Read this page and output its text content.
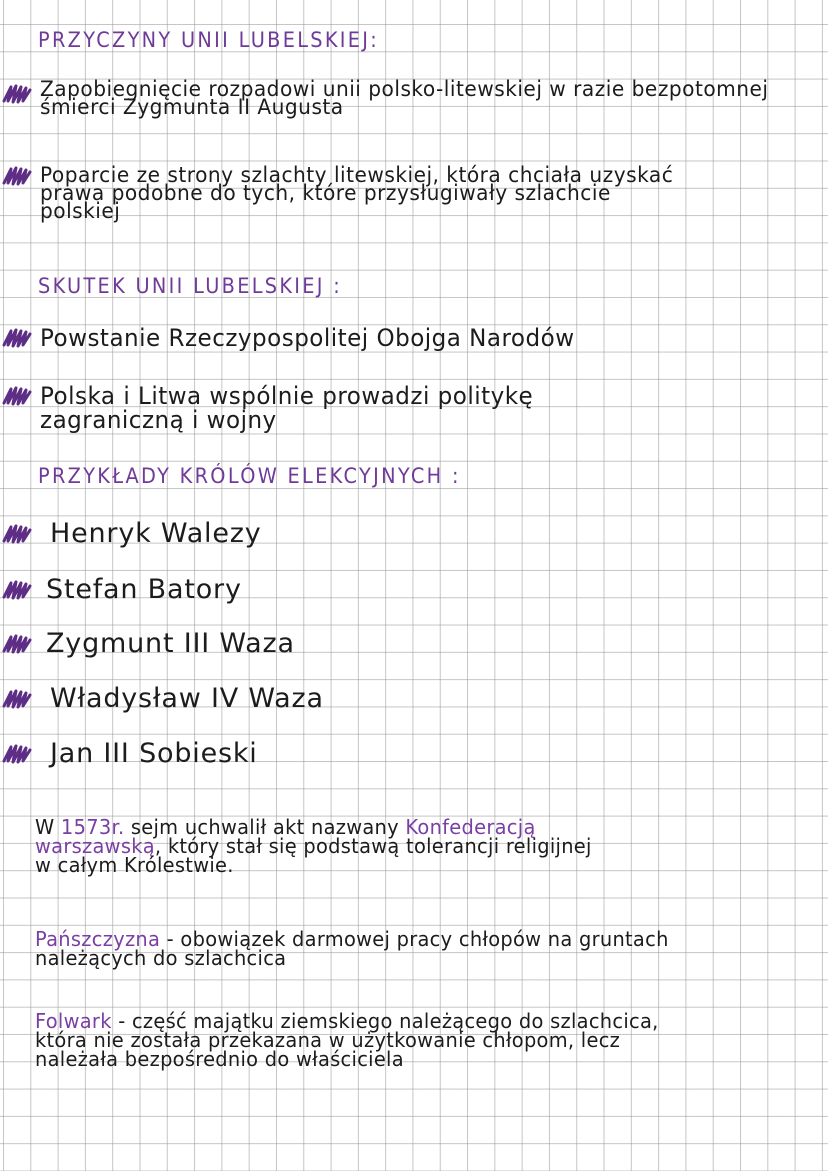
PRZYCZYNY UNII LUBELSKIEJ:
Zapobiegnięcie rozpadowi unii polsko-litewskiej w razie bezpotomnej
śmierci Zygmunta II Augusta
Poparcie ze strony szlachty litewskiej, która chciała uzyskać
prawa podobne do tych, które przysługiwały szlachcie
polskiej
SKUTEK UNII LUBELSKIEJ :
Powstanie Rzeczypospolitej Obojga Narodów
Polska i Litwa wspólnie prowadzi politykę
zagraniczną i wojny
PRZYKŁADY KRÓLÓW ELEKCYJNYCH :
Henryk Walezy
Stefan Batory
Zygmunt III Waza
Władysław IV Waza
Jan III Sobieski
W 1573r. sejm uchwalił akt nazwany Konfederacją
warszawską, który stał się podstawą tolerancji religijnej
w całym Królestwie.
Pańszczyzna - obowiązek darmowej pracy chłopów na gruntach
należących do szlachcica
Folwark - część majątku ziemskiego należącego do szlachcica,
która nie została przekazana w użytkowanie chłopom, lecz
należała bezpośrednio do właściciela
